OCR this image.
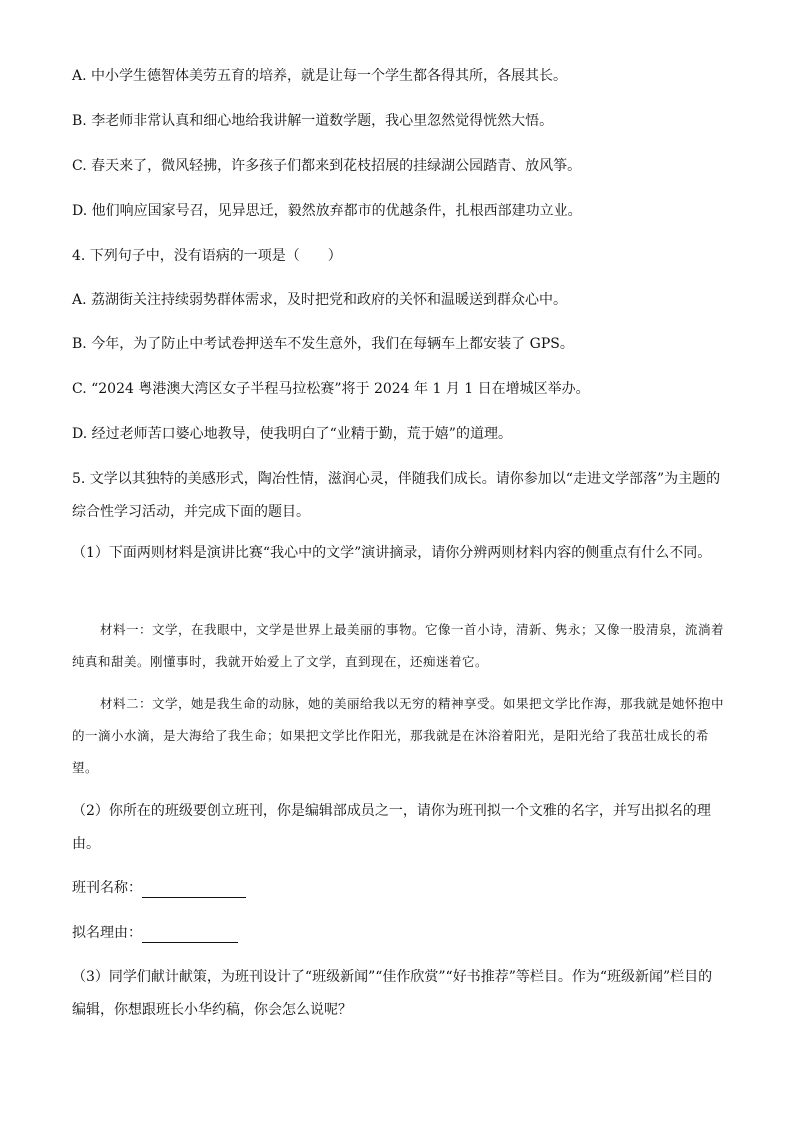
A. 中小学生德智体美劳五育的培养，就是让每一个学生都各得其所，各展其长。
B. 李老师非常认真和细心地给我讲解一道数学题，我心里忽然觉得恍然大悟。
C. 春天来了，微风轻拂，许多孩子们都来到花枝招展的挂绿湖公园踏青、放风筝。
D. 他们响应国家号召，见异思迁，毅然放弃都市的优越条件，扎根西部建功立业。
4. 下列句子中，没有语病的一项是（　　）
A. 荔湖街关注持续弱势群体需求，及时把党和政府的关怀和温暖送到群众心中。
B. 今年，为了防止中考试卷押送车不发生意外，我们在每辆车上都安装了 GPS。
C. “2024 粤港澳大湾区女子半程马拉松赛”将于 2024 年 1 月 1 日在增城区举办。
D. 经过老师苦口婆心地教导，使我明白了“业精于勤，荒于嬉”的道理。
5. 文学以其独特的美感形式，陶冶性情，滋润心灵，伴随我们成长。请你参加以“走进文学部落”为主题的综合性学习活动，并完成下面的题目。
（1）下面两则材料是演讲比赛“我心中的文学”演讲摘录，请你分辨两则材料内容的侧重点有什么不同。
材料一：文学，在我眼中，文学是世界上最美丽的事物。它像一首小诗，清新、隽永；又像一股清泉，流淌着纯真和甜美。刚懂事时，我就开始爱上了文学，直到现在，还痴迷着它。
材料二：文学，她是我生命的动脉，她的美丽给我以无穷的精神享受。如果把文学比作海，那我就是她怀抱中的一滴小水滴，是大海给了我生命；如果把文学比作阳光，那我就是在沐浴着阳光，是阳光给了我茁壮成长的希望。
（2）你所在的班级要创立班刊，你是编辑部成员之一，请你为班刊拟一个文雅的名字，并写出拟名的理由。
班刊名称：
拟名理由：
（3）同学们献计献策，为班刊设计了“班级新闻”“佳作欣赏”“好书推荐”等栏目。作为“班级新闻”栏目的编辑，你想跟班长小华约稿，你会怎么说呢？
